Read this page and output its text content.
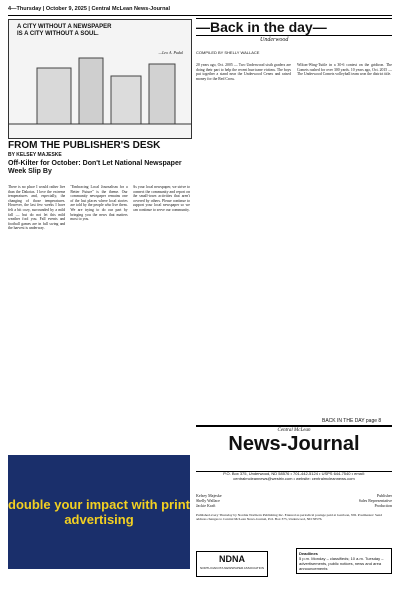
4—Thursday | October 9, 2025 | Central McLean News-Journal
A CITY WITHOUT A NEWSPAPER IS A CITY WITHOUT A SOUL.
—Leo A. Pudal
FROM THE PUBLISHER'S DESK
BY KELSEY MAJESKE
Off-Kilter for October: Don't Let National Newspaper Week Slip By

There is no place I would rather live than the Dakotas. I love the extreme temperatures and, especially, the changing of those temperatures. However, the last few weeks I have felt a bit cozy, surrounded by a mild fall — but do not let this mild weather fool you. Fall events and football games are in full swing and the harvest is underway.

"Embracing Local Journalism for a Better Future" is the theme. Our community newspaper remains one of the last places where local stories are told by the people who live them. We are trying to do our part by bringing you the news that matters most to you.

As your local newspaper, we strive to connect the community and report on the small-town activities that aren't covered by others. Please continue to support your local newspaper so we can continue to serve our community.

—Back in the day—
Underwood
COMPILED BY SHELLY WALLACE

20 years ago, Oct. 2005 — Two Underwood sixth graders are doing their part to help the recent hurricane victims. The boys put together a stand near the Underwood Cenex and raised money for the Red Cross.

Wilton-Wing-Tuttle in a 30-6 contest on the gridiron. The Comets rushed for over 300 yards. 10 years ago, Oct. 2015 — The Underwood Comets volleyball team won the district title.

BACK IN THE DAY page 8
double your impact with print advertising
Central McLean
News-Journal
P.O. Box 375, Underwood, ND 58576 • 701-442-5124 • USPS 644-7540 • email: centralmcleannews@westriv.com • website: centralmcleannews.com
Kelsey Majeske	Publisher
Shelly Wallace	Sales Representative
Jackie Kraft	Production
Published every Thursday by Nordak Northern Publishing Inc. Entered as periodical postage paid at Garrison, ND. Postmaster: Send address changes to Central McLean News-Journal, P.O. Box 375, Underwood, ND 58576.
NDNA
NORTH DAKOTA NEWSPAPER ASSOCIATION
Deadlines
5 p.m. Monday – classifieds; 10 a.m. Tuesday – advertisements, public notices, news and area announcements
